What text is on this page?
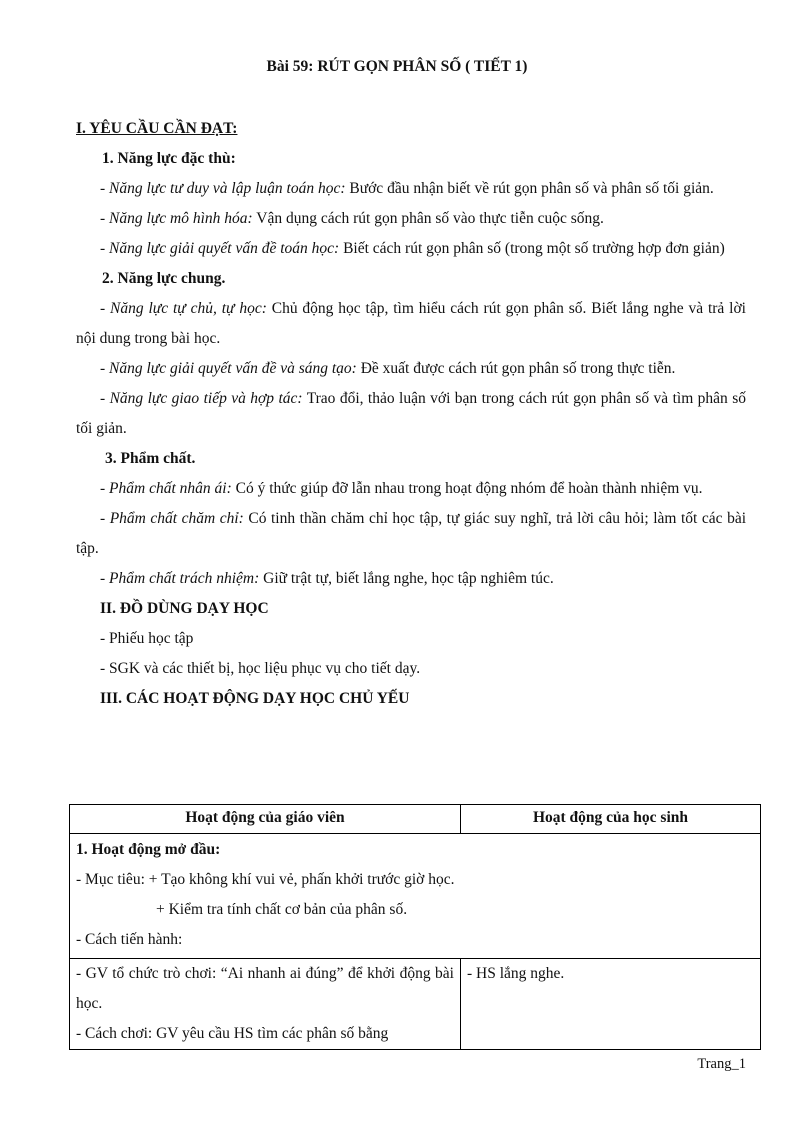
Bài 59: RÚT GỌN PHÂN SỐ ( TIẾT 1)
I. YÊU CẦU CẦN ĐẠT:
1. Năng lực đặc thù:
- Năng lực tư duy và lập luận toán học: Bước đầu nhận biết về rút gọn phân số và phân số tối giản.
- Năng lực mô hình hóa: Vận dụng cách rút gọn phân số vào thực tiễn cuộc sống.
- Năng lực giải quyết vấn đề toán học: Biết cách rút gọn phân số (trong một số trường hợp đơn giản)
2. Năng lực chung.
- Năng lực tự chủ, tự học: Chủ động học tập, tìm hiểu cách rút gọn phân số. Biết lắng nghe và trả lời nội dung trong bài học.
- Năng lực giải quyết vấn đề và sáng tạo: Đề xuất được cách rút gọn phân số trong thực tiễn.
- Năng lực giao tiếp và hợp tác: Trao đổi, thảo luận với bạn trong cách rút gọn phân số và tìm phân số tối giản.
3. Phẩm chất.
- Phẩm chất nhân ái: Có ý thức giúp đỡ lẫn nhau trong hoạt động nhóm để hoàn thành nhiệm vụ.
- Phẩm chất chăm chỉ: Có tinh thần chăm chỉ học tập, tự giác suy nghĩ, trả lời câu hỏi; làm tốt các bài tập.
- Phẩm chất trách nhiệm: Giữ trật tự, biết lắng nghe, học tập nghiêm túc.
II. ĐỒ DÙNG DẠY HỌC
- Phiếu học tập
- SGK và các thiết bị, học liệu phục vụ cho tiết dạy.
III. CÁC HOẠT ĐỘNG DẠY HỌC CHỦ YẾU
Hoạt động của giáo viên	Hoạt động của học sinh

1. Hoạt động mở đầu:
- Mục tiêu: + Tạo không khí vui vẻ, phấn khởi trước giờ học.
+ Kiểm tra tính chất cơ bản của phân số.
- Cách tiến hành:	

- GV tổ chức trò chơi: “Ai nhanh ai đúng” để khởi động bài học.
- Cách chơi: GV yêu cầu HS tìm các phân số bằng	- HS lắng nghe.
Trang_1
